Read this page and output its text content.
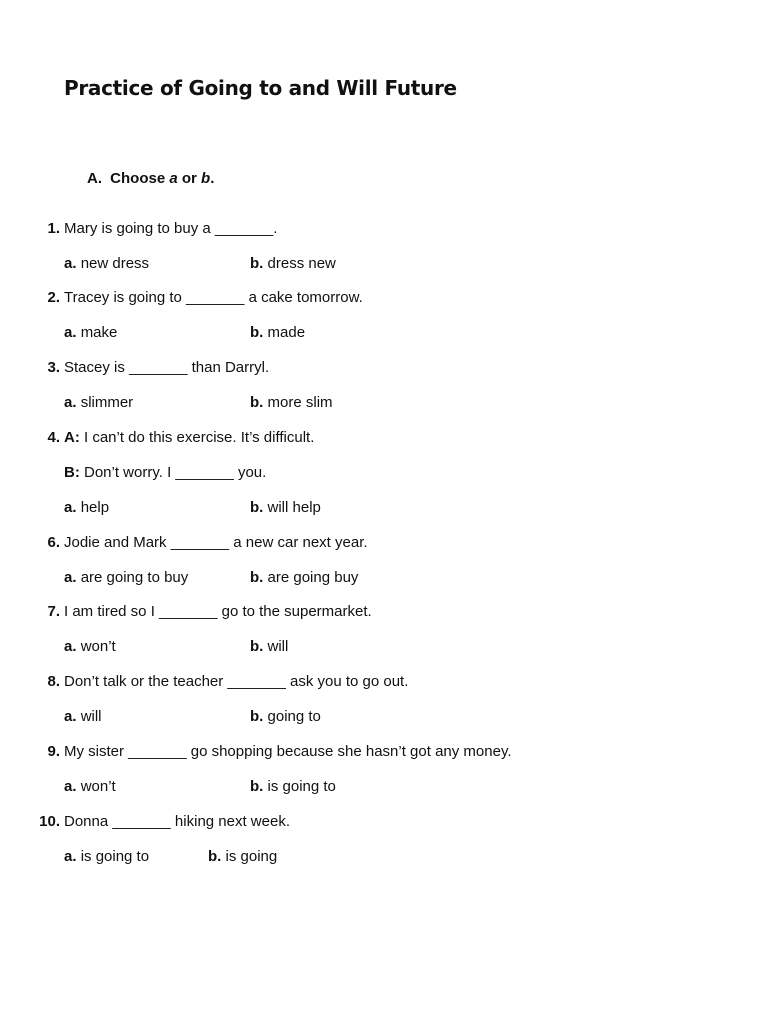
Practice of Going to and Will Future
A. Choose a or b.
1. Mary is going to buy a _______.
a. new dress	b. dress new
2. Tracey is going to _______ a cake tomorrow.
a. make	b. made
3. Stacey is _______ than Darryl.
a. slimmer	b. more slim
4. A: I can’t do this exercise. It’s difficult.
B: Don’t worry. I _______ you.
a. help	b. will help
6. Jodie and Mark _______ a new car next year.
a. are going to buy	b. are going buy
7. I am tired so I _______ go to the supermarket.
a. won’t	b. will
8. Don’t talk or the teacher _______ ask you to go out.
a. will	b. going to
9. My sister _______ go shopping because she hasn’t got any money.
a. won’t	b. is going to
10. Donna _______ hiking next week.
a. is going to	b. is going
